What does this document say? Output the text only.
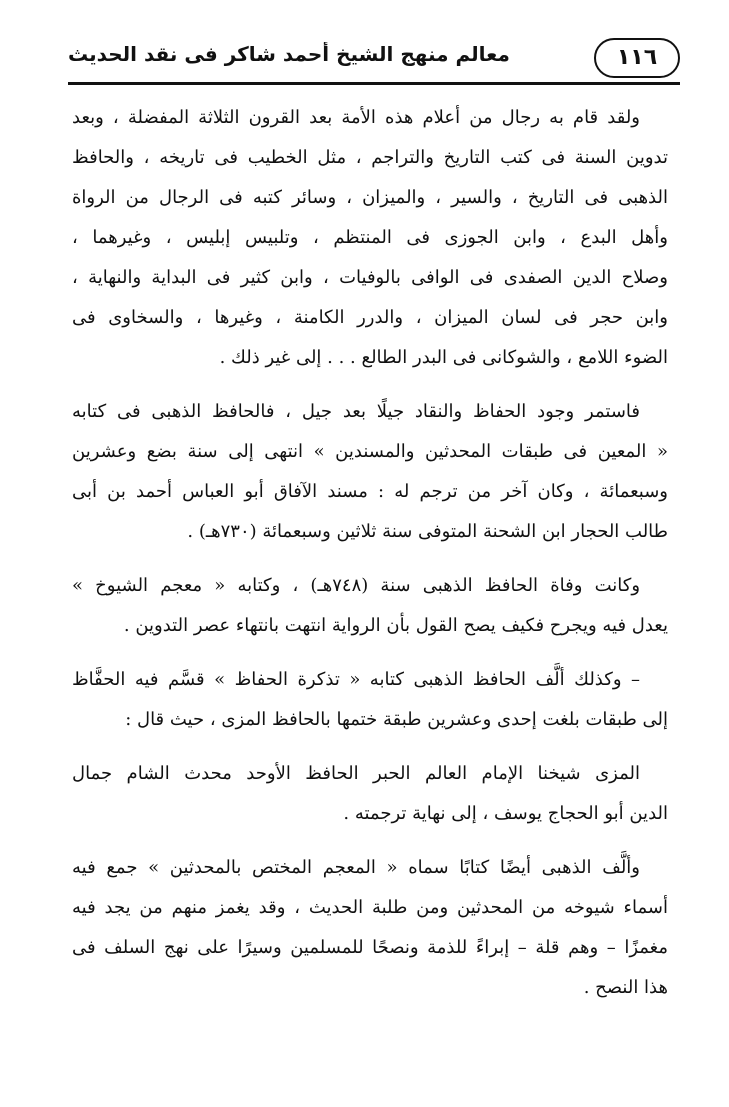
١١٦
معالم منهج الشيخ أحمد شاكر فى نقد الحديث
ولقد قام به رجال من أعلام هذه الأمة بعد القرون الثلاثة المفضلة ، وبعد
تدوين السنة فى كتب التاريخ والتراجم ، مثل الخطيب فى تاريخه ، والحافظ
الذهبى فى التاريخ ، والسير ، والميزان ، وسائر كتبه فى الرجال من الرواة
وأهل البدع ، وابن الجوزى فى المنتظم ، وتلبيس إبليس ، وغيرهما ،
وصلاح الدين الصفدى فى الوافى بالوفيات ، وابن كثير فى البداية والنهاية ،
وابن حجر فى لسان الميزان ، والدرر الكامنة ، وغيرها ، والسخاوى فى
الضوء اللامع ، والشوكانى فى البدر الطالع . . . إلى غير ذلك .
فاستمر وجود الحفاظ والنقاد جيلًا بعد جيل ، فالحافظ الذهبى فى كتابه
« المعين فى طبقات المحدثين والمسندين » انتهى إلى سنة بضع وعشرين
وسبعمائة ، وكان آخر من ترجم له : مسند الآفاق أبو العباس أحمد بن أبى
طالب الحجار ابن الشحنة المتوفى سنة ثلاثين وسبعمائة (٧٣٠هـ) .
وكانت وفاة الحافظ الذهبى سنة (٧٤٨هـ) ، وكتابه « معجم الشيوخ »
يعدل فيه ويجرح فكيف يصح القول بأن الرواية انتهت بانتهاء عصر التدوين .
– وكذلك ألَّف الحافظ الذهبى كتابه « تذكرة الحفاظ » قسَّم فيه الحفَّاظ
إلى طبقات بلغت إحدى وعشرين طبقة ختمها بالحافظ المزى ، حيث قال :
المزى شيخنا الإمام العالم الحبر الحافظ الأوحد محدث الشام جمال
الدين أبو الحجاج يوسف ، إلى نهاية ترجمته .
وألَّف الذهبى أيضًا كتابًا سماه « المعجم المختص بالمحدثين » جمع فيه
أسماء شيوخه من المحدثين ومن طلبة الحديث ، وقد يغمز منهم من يجد فيه
مغمزًا – وهم قلة – إبراءً للذمة ونصحًا للمسلمين وسيرًا على نهج السلف فى
هذا النصح .
